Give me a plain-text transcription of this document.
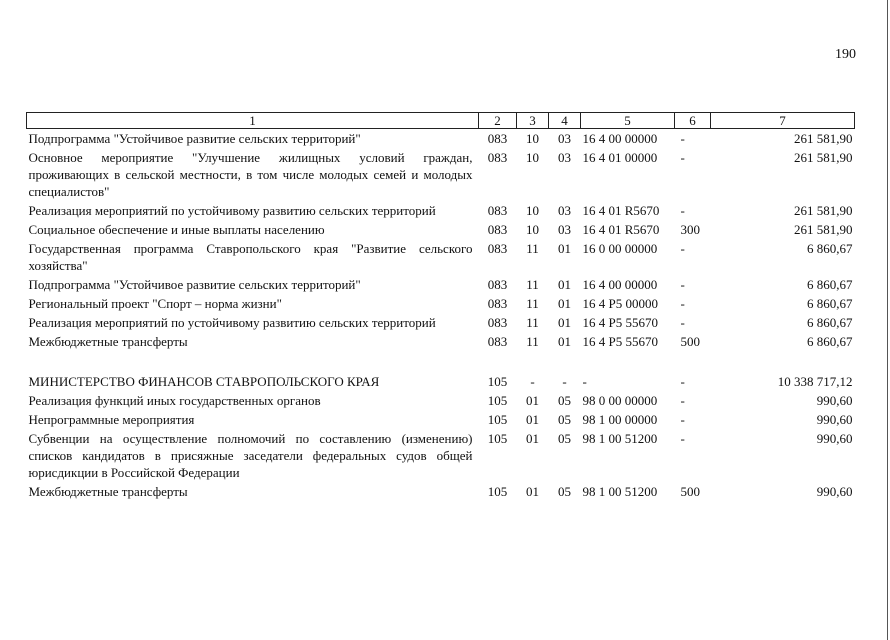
190
1	2	3	4	5	6	7
Подпрограмма "Устойчивое развитие сельских территорий"	083	10	03	16 4 00 00000	-	261 581,90
Основное мероприятие "Улучшение жилищных условий граждан, проживающих в сельской местности, в том числе молодых семей и молодых специалистов"	083	10	03	16 4 01 00000	-	261 581,90
Реализация мероприятий по устойчивому развитию сельских территорий	083	10	03	16 4 01 R5670	-	261 581,90
Социальное обеспечение и иные выплаты населению	083	10	03	16 4 01 R5670	300	261 581,90
Государственная программа Ставропольского края "Развитие сельского хозяйства"	083	11	01	16 0 00 00000	-	6 860,67
Подпрограмма "Устойчивое развитие сельских территорий"	083	11	01	16 4 00 00000	-	6 860,67
Региональный проект "Спорт – норма жизни"	083	11	01	16 4 P5 00000	-	6 860,67
Реализация мероприятий по устойчивому развитию сельских территорий	083	11	01	16 4 P5 55670	-	6 860,67
Межбюджетные трансферты	083	11	01	16 4 P5 55670	500	6 860,67

МИНИСТЕРСТВО ФИНАНСОВ СТАВРОПОЛЬСКОГО КРАЯ	105	-	-	-	-	10 338 717,12
Реализация функций иных государственных органов	105	01	05	98 0 00 00000	-	990,60
Непрограммные мероприятия	105	01	05	98 1 00 00000	-	990,60
Субвенции на осуществление полномочий по составлению (изменению) списков кандидатов в присяжные заседатели федеральных судов общей юрисдикции в Российской Федерации	105	01	05	98 1 00 51200	-	990,60
Межбюджетные трансферты	105	01	05	98 1 00 51200	500	990,60
